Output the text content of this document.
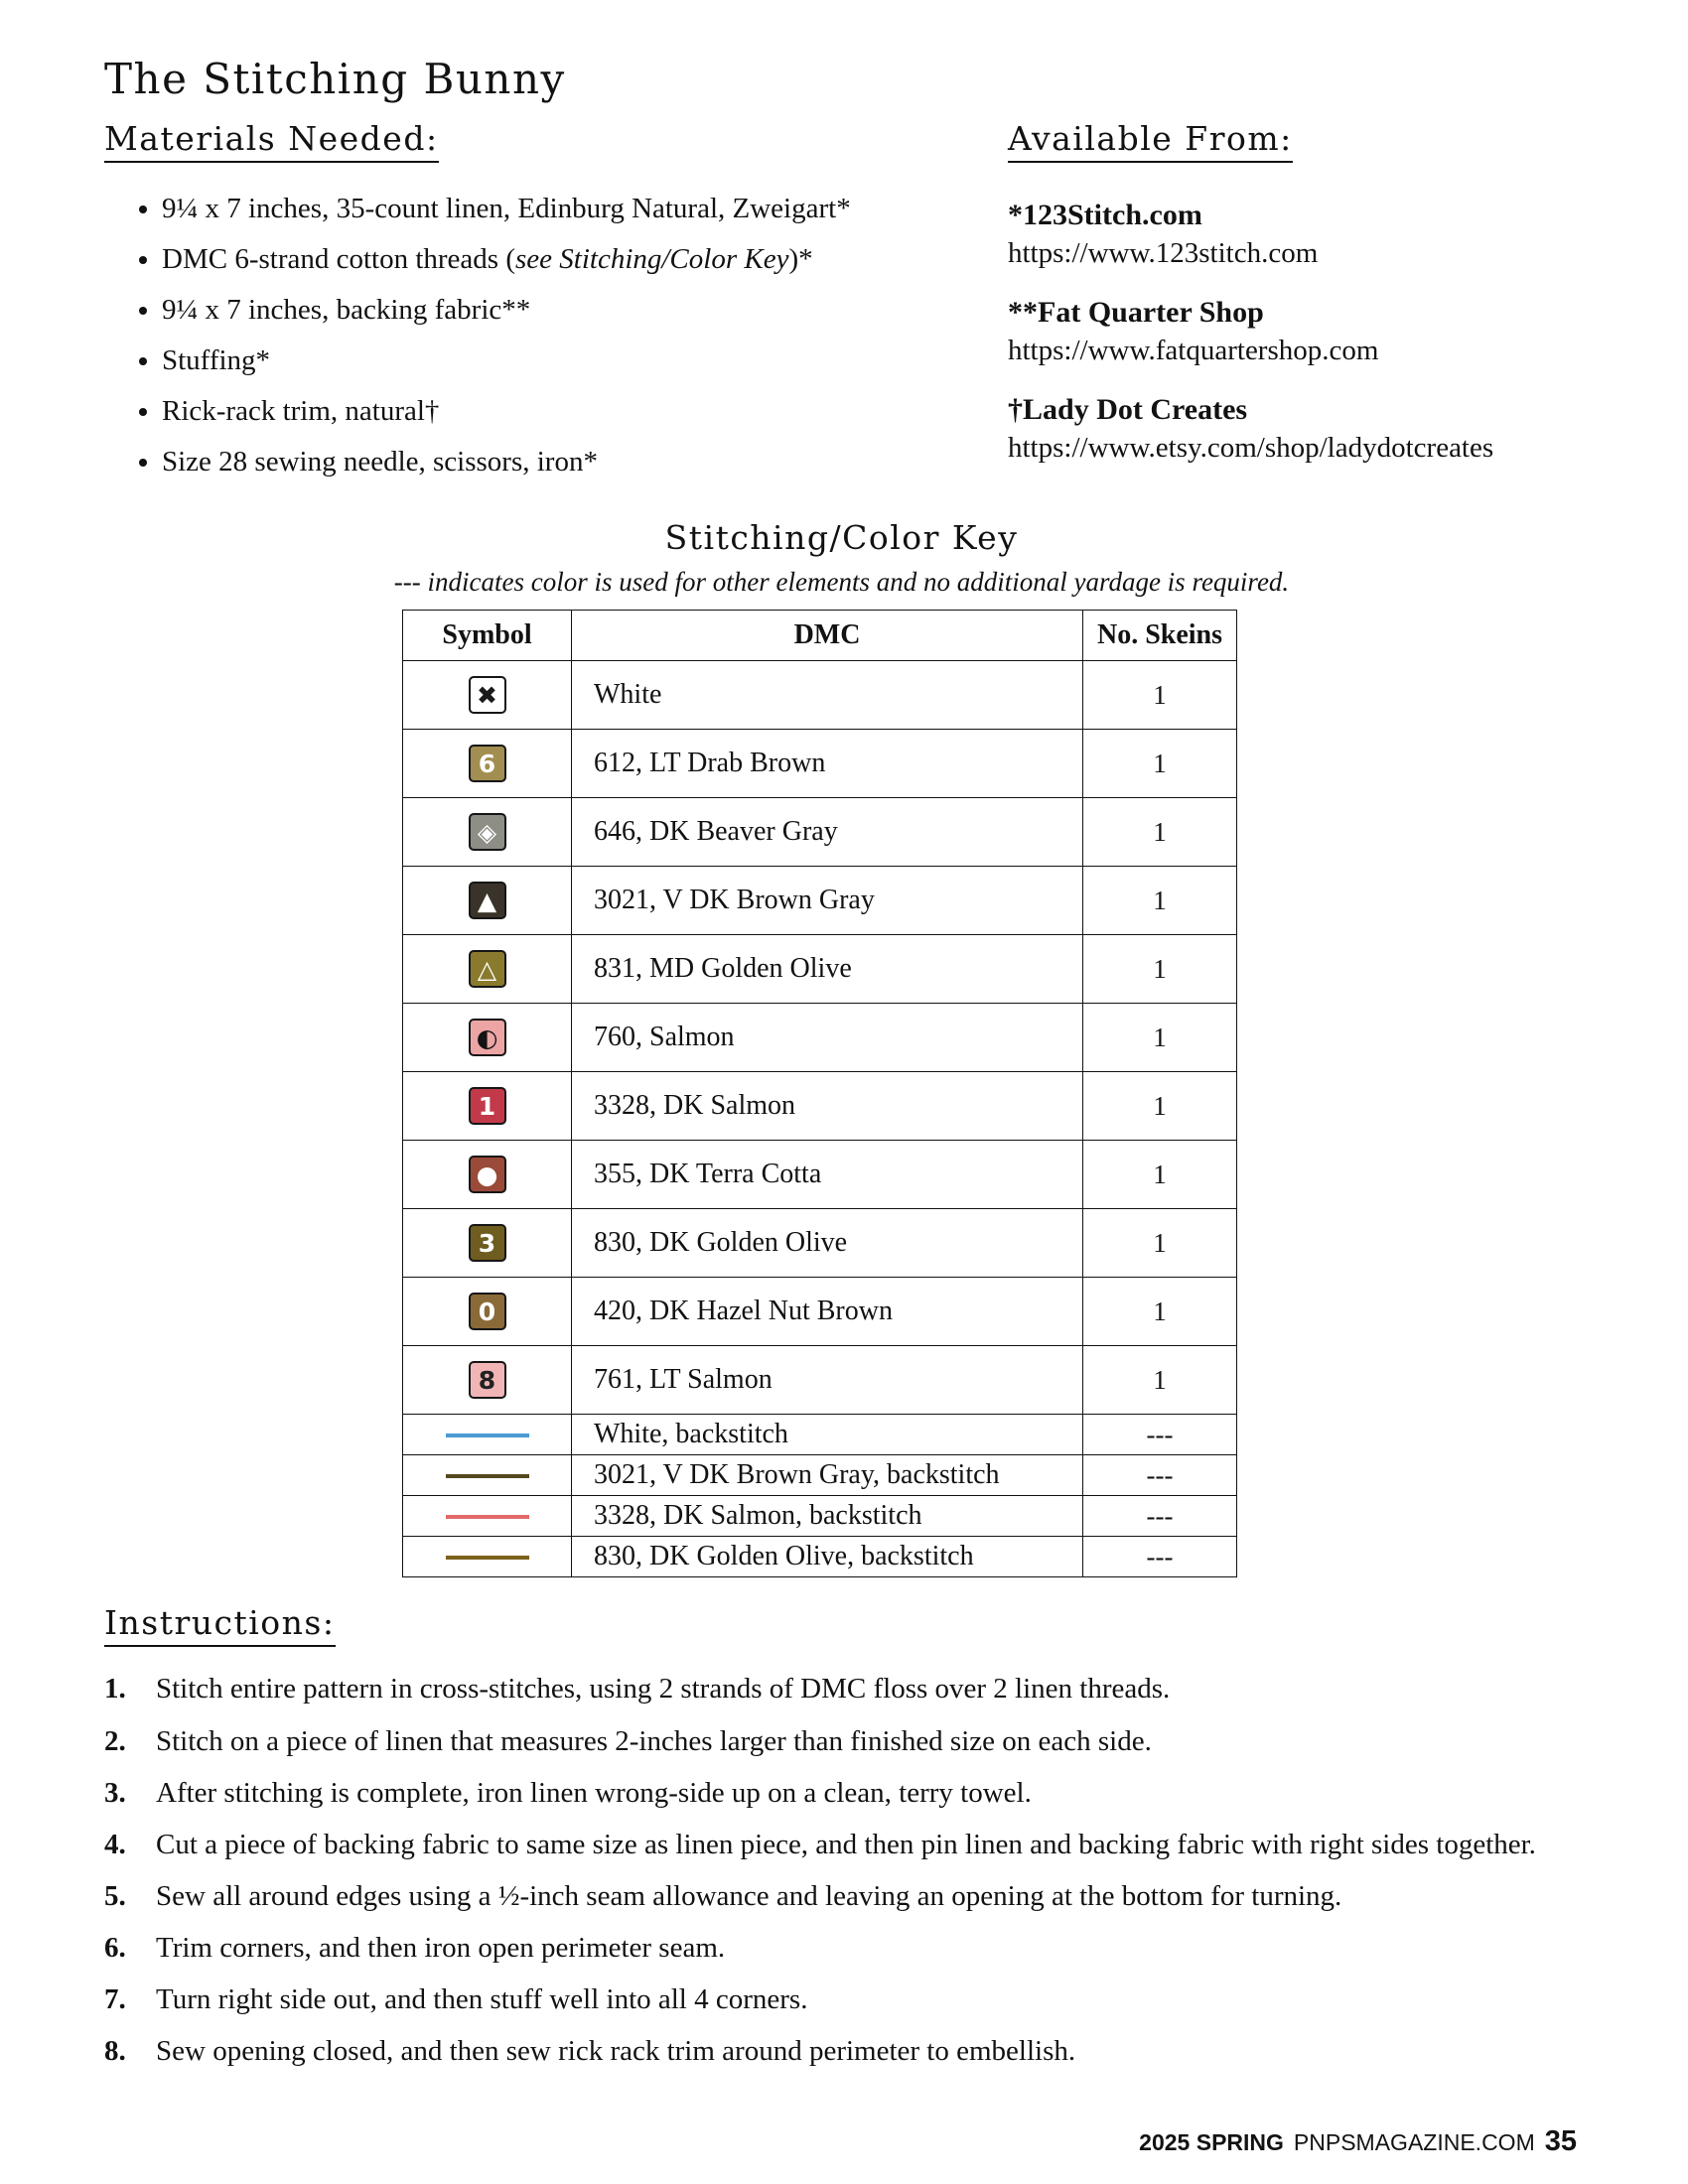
The Stitching Bunny
Materials Needed:
• 9¼ x 7 inches, 35-count linen, Edinburg Natural, Zweigart*
• DMC 6-strand cotton threads (see Stitching/Color Key)*
• 9¼ x 7 inches, backing fabric**
• Stuffing*
• Rick-rack trim, natural†
• Size 28 sewing needle, scissors, iron*
Available From:
*123Stitch.com
https://www.123stitch.com
**Fat Quarter Shop
https://www.fatquartershop.com
†Lady Dot Creates
https://www.etsy.com/shop/ladydotcreates
Stitching/Color Key
--- indicates color is used for other elements and no additional yardage is required.
Symbol	DMC	No. Skeins
✖	White	1
6	612, LT Drab Brown	1
◈	646, DK Beaver Gray	1
▲	3021, V DK Brown Gray	1
△	831, MD Golden Olive	1
◐	760, Salmon	1
1	3328, DK Salmon	1
●	355, DK Terra Cotta	1
3	830, DK Golden Olive	1
0	420, DK Hazel Nut Brown	1
8	761, LT Salmon	1
	White, backstitch	---
	3021, V DK Brown Gray, backstitch	---
	3328, DK Salmon, backstitch	---
	830, DK Golden Olive, backstitch	---
Instructions:
1.	Stitch entire pattern in cross-stitches, using 2 strands of DMC floss over 2 linen threads.
2.	Stitch on a piece of linen that measures 2-inches larger than finished size on each side.
3.	After stitching is complete, iron linen wrong-side up on a clean, terry towel.
4.	Cut a piece of backing fabric to same size as linen piece, and then pin linen and backing fabric with right sides together.
5.	Sew all around edges using a ½-inch seam allowance and leaving an opening at the bottom for turning.
6.	Trim corners, and then iron open perimeter seam.
7.	Turn right side out, and then stuff well into all 4 corners.
8.	Sew opening closed, and then sew rick rack trim around perimeter to embellish.
2025 SPRING PNPSMAGAZINE.COM 35
